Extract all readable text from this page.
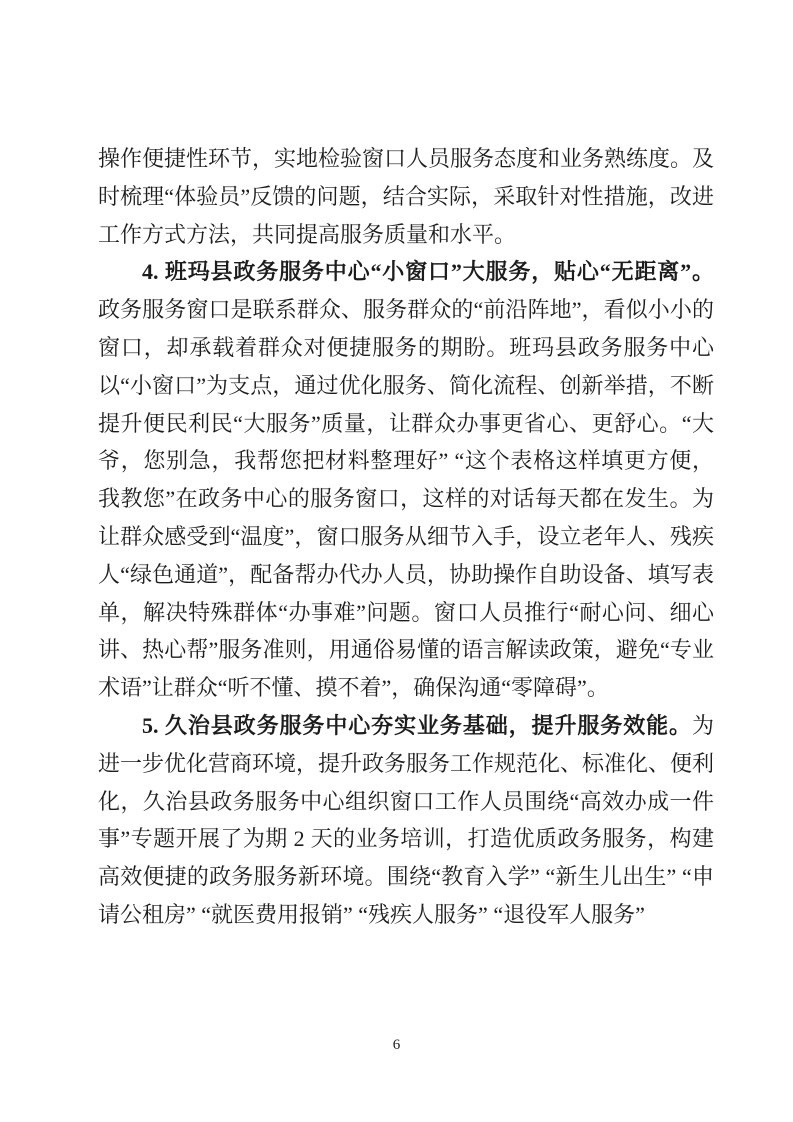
操作便捷性环节，实地检验窗口人员服务态度和业务熟练度。及时梳理“体验员”反馈的问题，结合实际，采取针对性措施，改进工作方式方法，共同提高服务质量和水平。

4. 班玛县政务服务中心“小窗口”大服务，贴心“无距离”。政务服务窗口是联系群众、服务群众的“前沿阵地”，看似小小的窗口，却承载着群众对便捷服务的期盼。班玛县政务服务中心以“小窗口”为支点，通过优化服务、简化流程、创新举措，不断提升便民利民“大服务”质量，让群众办事更省心、更舒心。“大爷，您别急，我帮您把材料整理好” “这个表格这样填更方便，我教您”在政务中心的服务窗口，这样的对话每天都在发生。为让群众感受到“温度”，窗口服务从细节入手，设立老年人、残疾人“绿色通道”，配备帮办代办人员，协助操作自助设备、填写表单，解决特殊群体“办事难”问题。窗口人员推行“耐心问、细心讲、热心帮”服务准则，用通俗易懂的语言解读政策，避免“专业术语”让群众“听不懂、摸不着”，确保沟通“零障碍”。

5. 久治县政务服务中心夯实业务基础，提升服务效能。为进一步优化营商环境，提升政务服务工作规范化、标准化、便利化，久治县政务服务中心组织窗口工作人员围绕“高效办成一件事”专题开展了为期 2 天的业务培训，打造优质政务服务，构建高效便捷的政务服务新环境。围绕“教育入学” “新生儿出生” “申请公租房” “就医费用报销” “残疾人服务” “退役军人服务”

6
